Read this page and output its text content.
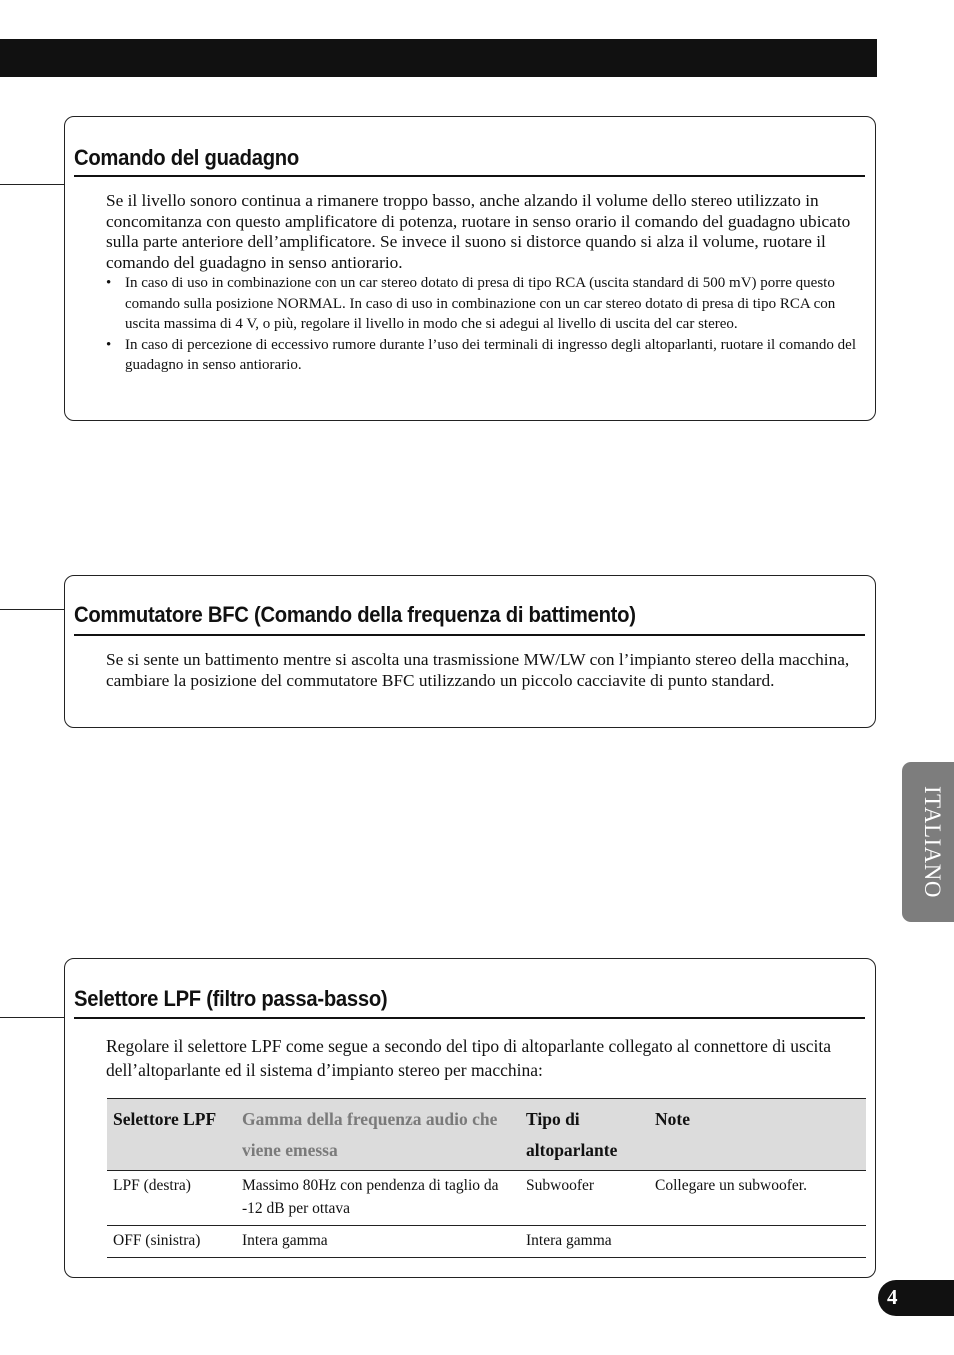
Comando del guadagno

Se il livello sonoro continua a rimanere troppo basso, anche alzando il volume dello stereo utilizzato in concomitanza con questo amplificatore di potenza, ruotare in senso orario il comando del guadagno ubicato sulla parte anteriore dell’amplificatore. Se invece il suono si distorce quando si alza il volume, ruotare il comando del guadagno in senso antiorario.

• In caso di uso in combinazione con un car stereo dotato di presa di tipo RCA (uscita standard di 500 mV) porre questo comando sulla posizione NORMAL. In caso di uso in combinazione con un car stereo dotato di presa di tipo RCA con uscita massima di 4 V, o più, regolare il livello in modo che si adegui al livello di uscita del car stereo.
• In caso di percezione di eccessivo rumore durante l’uso dei terminali di ingresso degli altoparlanti, ruotare il comando del guadagno in senso antiorario.
Commutatore BFC (Comando della frequenza di battimento)

Se si sente un battimento mentre si ascolta una trasmissione MW/LW con l’impianto stereo della macchina, cambiare la posizione del commutatore BFC utilizzando un piccolo cacciavite di punto standard.

Selettore LPF (filtro passa-basso)

Regolare il selettore LPF come segue a secondo del tipo di altoparlante collegato al connettore di uscita dell’altoparlante ed il sistema d’impianto stereo per macchina:

Selettore LPF	Gamma della frequenza audio che viene emessa	Tipo di altoparlante	Note
LPF (destra)	Massimo 80Hz con pendenza di taglio da -12 dB per ottava	Subwoofer	Collegare un subwoofer.
OFF (sinistra)	Intera gamma	Intera gamma	
ITALIANO
4
